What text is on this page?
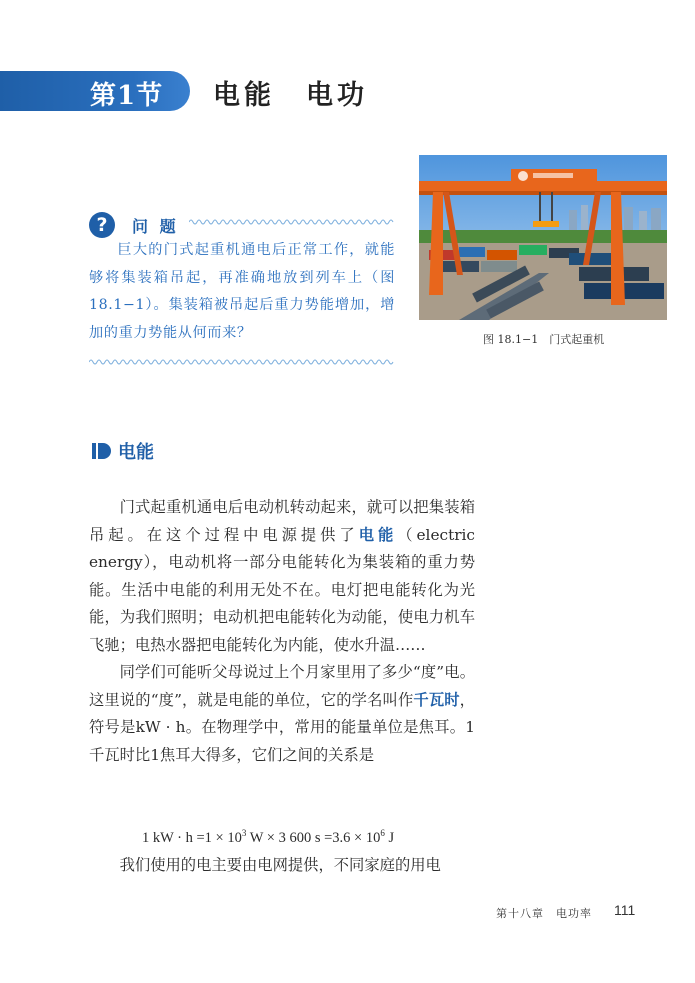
第1节 电能　电功
图 18.1−1　门式起重机
?	问 题
巨大的门式起重机通电后正常工作，就能够将集装箱吊起，再准确地放到列车上（图 18.1−1）。集装箱被吊起后重力势能增加，增加的重力势能从何而来？
电能

门式起重机通电后电动机转动起来，就可以把集装箱吊起。在这个过程中电源提供了电能（electric energy），电动机将一部分电能转化为集装箱的重力势能。生活中电能的利用无处不在。电灯把电能转化为光能，为我们照明；电动机把电能转化为动能，使电力机车飞驰；电热水器把电能转化为内能，使水升温……

同学们可能听父母说过上个月家里用了多少“度”电。这里说的“度”，就是电能的单位，它的学名叫作千瓦时，符号是kW · h。在物理学中，常用的能量单位是焦耳。1千瓦时比1焦耳大得多，它们之间的关系是

1 kW · $h =1 \times 10^3$ W × 3 600 $s =3.6 \times 10^6$ J

我们使用的电主要由电网提供，不同家庭的用电

第十八章　电功率 111
